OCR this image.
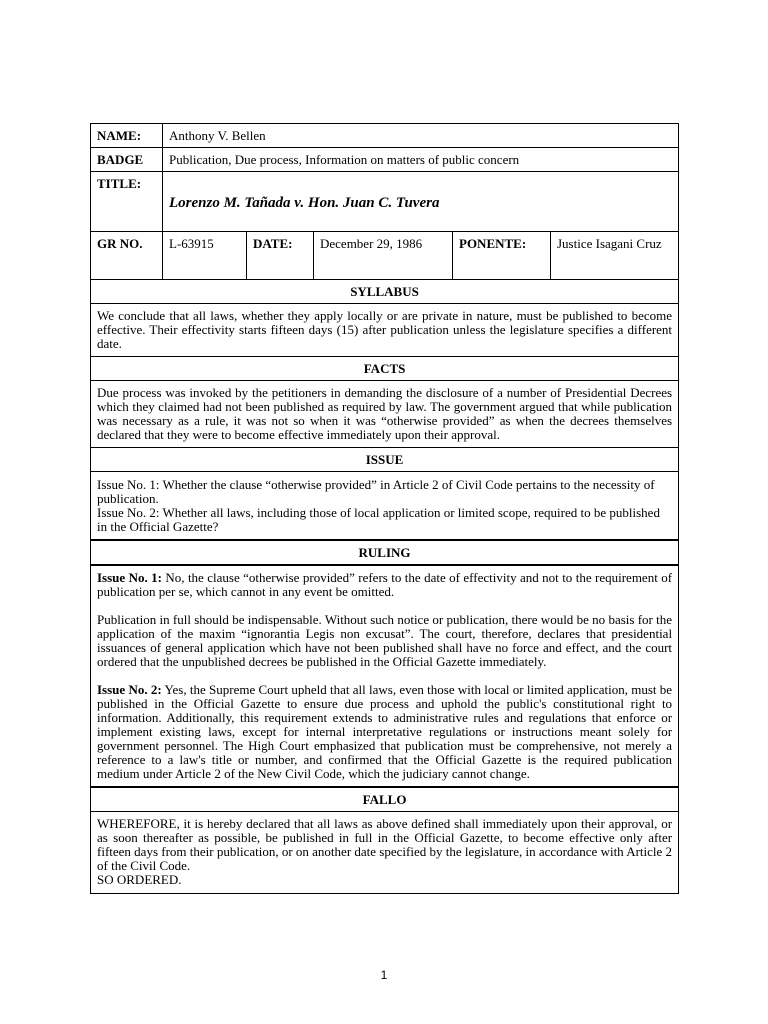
NAME:	Anthony V. Bellen				
BADGE	Publication, Due process, Information on matters of public concern				
TITLE:	Lorenzo M. Tañada v. Hon. Juan C. Tuvera				

GR NO.	L-63915	DATE:	December 29, 1986	PONENTE:	Justice Isagani Cruz
SYLLABUS					
We conclude that all laws, whether they apply locally or are private in nature, must be published to become effective. Their effectivity starts fifteen days (15) after publication unless the legislature specifies a different date.					
FACTS					
Due process was invoked by the petitioners in demanding the disclosure of a number of Presidential Decrees which they claimed had not been published as required by law. The government argued that while publication was necessary as a rule, it was not so when it was “otherwise provided” as when the decrees themselves declared that they were to become effective immediately upon their approval.					
ISSUE					

Issue No. 1: Whether the clause “otherwise provided” in Article 2 of Civil Code pertains to the necessity of publication.

Issue No. 2: Whether all laws, including those of local application or limited scope, required to be published in the Official Gazette?					

RULING					

Issue No. 1: No, the clause “otherwise provided” refers to the date of effectivity and not to the requirement of publication per se, which cannot in any event be omitted.

Publication in full should be indispensable. Without such notice or publication, there would be no basis for the application of the maxim “ignorantia Legis non excusat”. The court, therefore, declares that presidential issuances of general application which have not been published shall have no force and effect, and the court ordered that the unpublished decrees be published in the Official Gazette immediately.

Issue No. 2: Yes, the Supreme Court upheld that all laws, even those with local or limited application, must be published in the Official Gazette to ensure due process and uphold the public's constitutional right to information. Additionally, this requirement extends to administrative rules and regulations that enforce or implement existing laws, except for internal interpretative regulations or instructions meant solely for government personnel. The High Court emphasized that publication must be comprehensive, not merely a reference to a law's title or number, and confirmed that the Official Gazette is the required publication medium under Article 2 of the New Civil Code, which the judiciary cannot change.					

FALLO					

WHEREFORE, it is hereby declared that all laws as above defined shall immediately upon their approval, or as soon thereafter as possible, be published in full in the Official Gazette, to become effective only after fifteen days from their publication, or on another date specified by the legislature, in accordance with Article 2 of the Civil Code.

SO ORDERED.					

1
